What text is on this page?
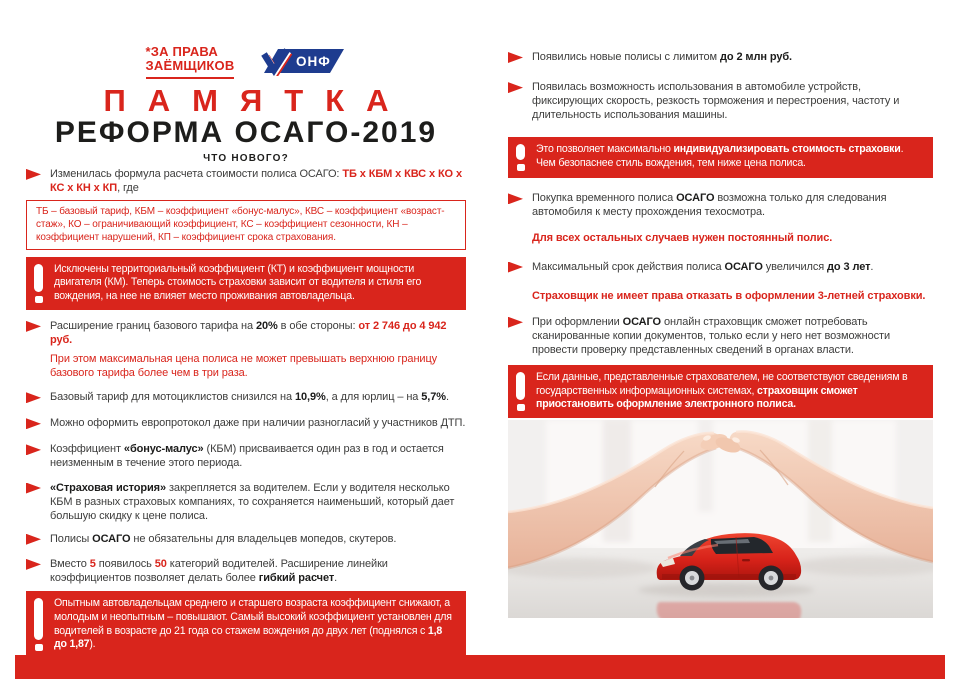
*ЗА ПРАВА
ЗАЁМЩИКОВ	ОНФ
ПАМЯТКА
РЕФОРМА ОСАГО-2019
ЧТО НОВОГО?

Изменилась формула расчета стоимости полиса ОСАГО: ТБ х КБМ х КВС х КО х КС х КН х КП, где

ТБ – базовый тариф, КБМ – коэффициент «бонус-малус», КВС – коэффициент «возраст-стаж», КО – ограничивающий коэффициент, КС – коэффициент сезонности, КН – коэффициент нарушений, КП – коэффициент срока страхования.

Исключены территориальный коэффициент (КТ) и коэффициент мощности двигателя (КМ). Теперь стоимость страховки зависит от водителя и стиля его вождения, на нее не влияет место проживания автовладельца.

Расширение границ базового тарифа на 20% в обе стороны: от 2 746 до 4 942 руб.

При этом максимальная цена полиса не может превышать верхнюю границу базового тарифа более чем в три раза.

Базовый тариф для мотоциклистов снизился на 10,9%, а для юрлиц – на 5,7%.

Можно оформить европротокол даже при наличии разногласий у участников ДТП.

Коэффициент «бонус-малус» (КБМ) присваивается один раз в год и остается неизменным в течение этого периода.

«Страховая история» закрепляется за водителем. Если у водителя несколько КБМ в разных страховых компаниях, то сохраняется наименьший, который дает большую скидку к цене полиса.

Полисы ОСАГО не обязательны для владельцев мопедов, скутеров.

Вместо 5 появилось 50 категорий водителей. Расширение линейки коэффициентов позволяет делать более гибкий расчет.

Опытным автовладельцам среднего и старшего возраста коэффициент снижают, а молодым и неопытным – повышают. Самый высокий коэффициент установлен для водителей в возрасте до 21 года со стажем вождения до двух лет (поднялся с 1,8 до 1,87).

Появились новые полисы с лимитом до 2 млн руб.

Появилась возможность использования в автомобиле устройств, фиксирующих скорость, резкость торможения и перестроения, частоту и длительность использования машины.

Это позволяет максимально индивидуализировать стоимость страховки. Чем безопаснее стиль вождения, тем ниже цена полиса.

Покупка временного полиса ОСАГО возможна только для следования автомобиля к месту прохождения техосмотра.

Для всех остальных случаев нужен постоянный полис.

Максимальный срок действия полиса ОСАГО увеличился до 3 лет.

Страховщик не имеет права отказать в оформлении 3-летней страховки.

При оформлении ОСАГО онлайн страховщик сможет потребовать сканированные копии документов, только если у него нет возможности провести проверку представленных сведений в органах власти.

Если данные, представленные страхователем, не соответствуют сведениям в государственных информационных системах, страховщик сможет приостановить оформление электронного полиса.
